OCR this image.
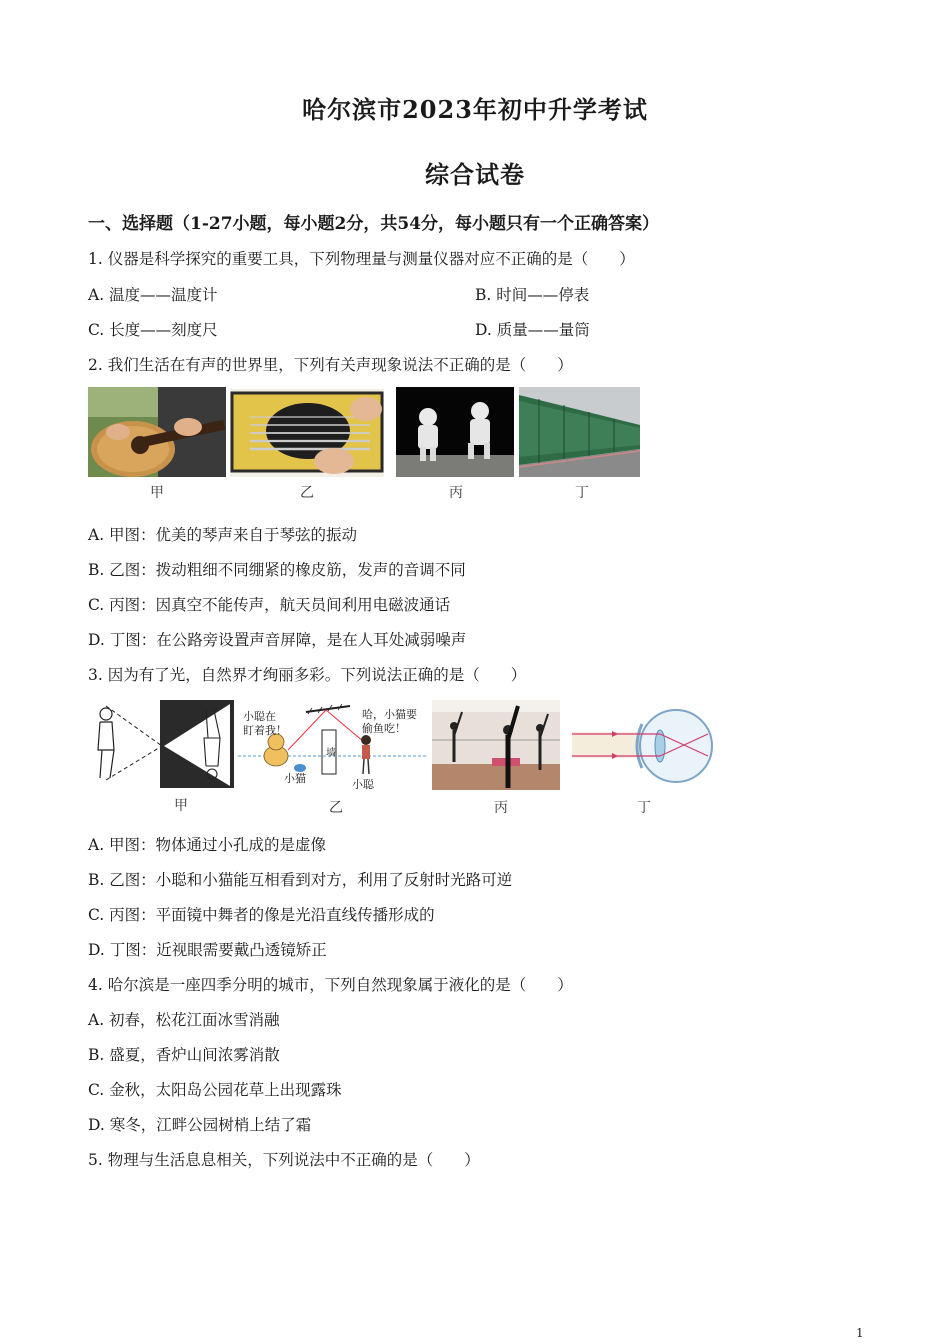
哈尔滨市2023年初中升学考试
综合试卷
一、选择题（1-27小题，每小题2分，共54分，每小题只有一个正确答案）
1. 仪器是科学探究的重要工具，下列物理量与测量仪器对应不正确的是（　　）
A. 温度——温度计	B. 时间——停表
C. 长度——刻度尺	D. 质量——量筒
2. 我们生活在有声的世界里，下列有关声现象说法不正确的是（　　）
甲	乙	丙	丁
A. 甲图：优美的琴声来自于琴弦的振动
B. 乙图：拨动粗细不同绷紧的橡皮筋，发声的音调不同
C. 丙图：因真空不能传声，航天员间利用电磁波通话
D. 丁图：在公路旁设置声音屏障，是在人耳处减弱噪声
3. 因为有了光，自然界才绚丽多彩。下列说法正确的是（　　）
小聪在
盯着我！
哈，小猫要
偷鱼吃！
墙
小猫	小聪
甲	乙	丙	丁
A. 甲图：物体通过小孔成的是虚像
B. 乙图：小聪和小猫能互相看到对方，利用了反射时光路可逆
C. 丙图：平面镜中舞者的像是光沿直线传播形成的
D. 丁图：近视眼需要戴凸透镜矫正
4. 哈尔滨是一座四季分明的城市，下列自然现象属于液化的是（　　）
A. 初春，松花江面冰雪消融
B. 盛夏，香炉山间浓雾消散
C. 金秋，太阳岛公园花草上出现露珠
D. 寒冬，江畔公园树梢上结了霜
5. 物理与生活息息相关，下列说法中不正确的是（　　）
1
